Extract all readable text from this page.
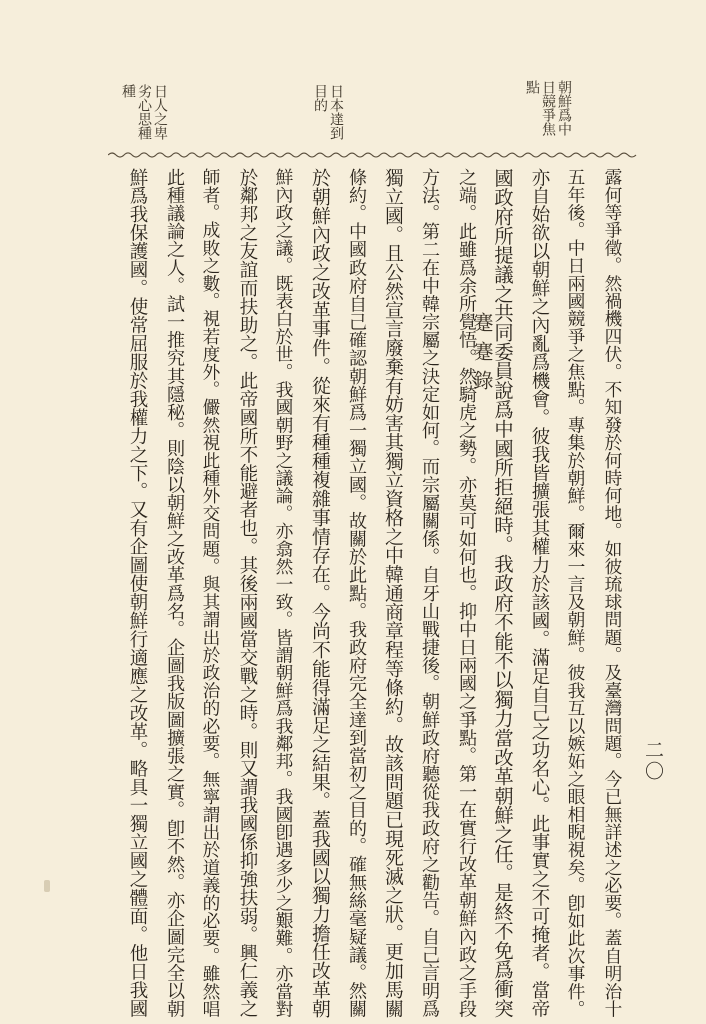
蹇蹇錄
二〇
朝鮮爲中
日競爭焦
點
日本達到
目的
日人之卑
劣心思種
種
露何等爭徵。然禍機四伏。不知發於何時何地。如彼琉球問題。及臺灣問題。今已無詳述之必要。蓋自明治十
五年後。中日兩國競爭之焦點。專集於朝鮮。爾來一言及朝鮮。彼我互以嫉妬之眼相睨視矣。卽如此次事件。
亦自始欲以朝鮮之內亂爲機會。彼我皆擴張其權力於該國。滿足自己之功名心。此事實之不可掩者。當帝
國政府所提議之共同委員說爲中國所拒絕時。我政府不能不以獨力當改革朝鮮之任。是終不免爲衝突
之端。此雖爲余所覺悟。然騎虎之勢。亦莫可如何也。抑中日兩國之爭點。第一在實行改革朝鮮內政之手段
方法。第二在中韓宗屬之決定如何。而宗屬關係。自牙山戰捷後。朝鮮政府聽從我政府之勸告。自己言明爲
獨立國。且公然宣言廢棄有妨害其獨立資格之中韓通商章程等條約。故該問題已現死滅之狀。更加馬關
條約。中國政府自己確認朝鮮爲一獨立國。故關於此點。我政府完全達到當初之目的。確無絲毫疑議。然關
於朝鮮內政之改革事件。從來有種種複雜事情存在。今尚不能得滿足之結果。蓋我國以獨力擔任改革朝
鮮內政之議。既表白於世。我國朝野之議論。亦翕然一致。皆謂朝鮮爲我鄰邦。我國卽遇多少之艱難。亦當對
於鄰邦之友誼而扶助之。此帝國所不能避者也。其後兩國當交戰之時。則又謂我國係抑強扶弱。興仁義之
師者。成敗之數。視若度外。儼然視此種外交問題。與其謂出於政治的必要。無寧謂出於道義的必要。雖然唱
此種議論之人。試一推究其隱秘。則陰以朝鮮之改革爲名。企圖我版圖擴張之實。卽不然。亦企圖完全以朝
鮮爲我保護國。使常屈服於我權力之下。又有企圖使朝鮮行適應之改革。略具一獨立國之體面。他日我國
